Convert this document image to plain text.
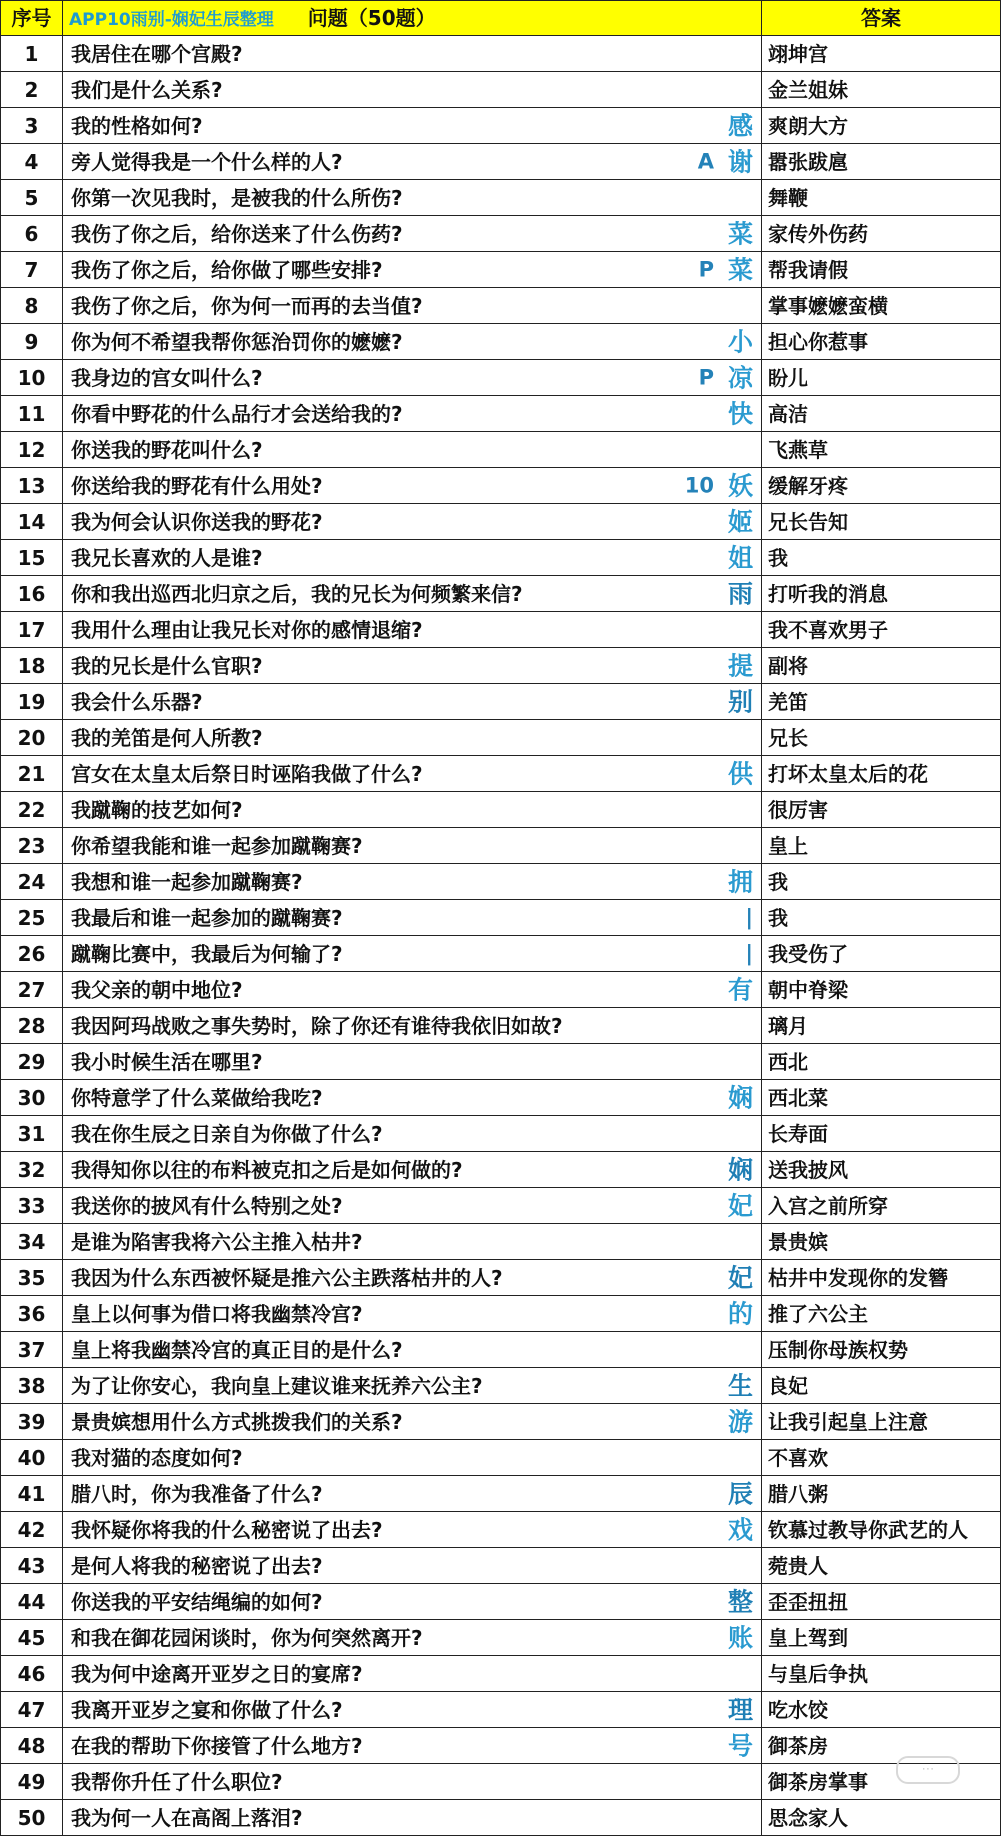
序号	APP10雨别-娴妃生辰整理 问题（50题）	答案
1	我居住在哪个宫殿?	翊坤宫
2	我们是什么关系?	金兰姐妹
3	我的性格如何? 感	爽朗大方
4	旁人觉得我是一个什么样的人? A 谢	嚣张跋扈
5	你第一次见我时，是被我的什么所伤?	舞鞭
6	我伤了你之后，给你送来了什么伤药? 菜	家传外伤药
7	我伤了你之后，给你做了哪些安排? P 菜	帮我请假
8	我伤了你之后，你为何一而再的去当值?	掌事嬷嬷蛮横
9	你为何不希望我帮你惩治罚你的嬷嬷? 小	担心你惹事
10	我身边的宫女叫什么? P 凉	盼儿
11	你看中野花的什么品行才会送给我的? 快	高洁
12	你送我的野花叫什么?	飞燕草
13	你送给我的野花有什么用处? 10 妖	缓解牙疼
14	我为何会认识你送我的野花? 姬	兄长告知
15	我兄长喜欢的人是谁? 姐	我
16	你和我出巡西北归京之后，我的兄长为何频繁来信? 雨	打听我的消息
17	我用什么理由让我兄长对你的感情退缩?	我不喜欢男子
18	我的兄长是什么官职? 提	副将
19	我会什么乐器? 别	羌笛
20	我的羌笛是何人所教?	兄长
21	宫女在太皇太后祭日时诬陷我做了什么? 供	打坏太皇太后的花
22	我蹴鞠的技艺如何?	很厉害
23	你希望我能和谁一起参加蹴鞠赛?	皇上
24	我想和谁一起参加蹴鞠赛? 拥	我
25	我最后和谁一起参加的蹴鞠赛? |	我
26	蹴鞠比赛中，我最后为何输了? |	我受伤了
27	我父亲的朝中地位? 有	朝中脊梁
28	我因阿玛战败之事失势时，除了你还有谁待我依旧如故?	璃月
29	我小时候生活在哪里?	西北
30	你特意学了什么菜做给我吃? 娴	西北菜
31	我在你生辰之日亲自为你做了什么?	长寿面
32	我得知你以往的布料被克扣之后是如何做的? 娴	送我披风
33	我送你的披风有什么特别之处? 妃	入宫之前所穿
34	是谁为陷害我将六公主推入枯井?	景贵嫔
35	我因为什么东西被怀疑是推六公主跌落枯井的人? 妃	枯井中发现你的发簪
36	皇上以何事为借口将我幽禁冷宫? 的	推了六公主
37	皇上将我幽禁冷宫的真正目的是什么?	压制你母族权势
38	为了让你安心，我向皇上建议谁来抚养六公主? 生	良妃
39	景贵嫔想用什么方式挑拨我们的关系? 游	让我引起皇上注意
40	我对猫的态度如何?	不喜欢
41	腊八时，你为我准备了什么? 辰	腊八粥
42	我怀疑你将我的什么秘密说了出去? 戏	钦慕过教导你武艺的人
43	是何人将我的秘密说了出去?	菀贵人
44	你送我的平安结绳编的如何? 整	歪歪扭扭
45	和我在御花园闲谈时，你为何突然离开? 账	皇上驾到
46	我为何中途离开亚岁之日的宴席?	与皇后争执
47	我离开亚岁之宴和你做了什么? 理	吃水饺
48	在我的帮助下你接管了什么地方? 号	御茶房
49	我帮你升任了什么职位?	御茶房掌事
50	我为何一人在高阁上落泪?	思念家人
⋯
